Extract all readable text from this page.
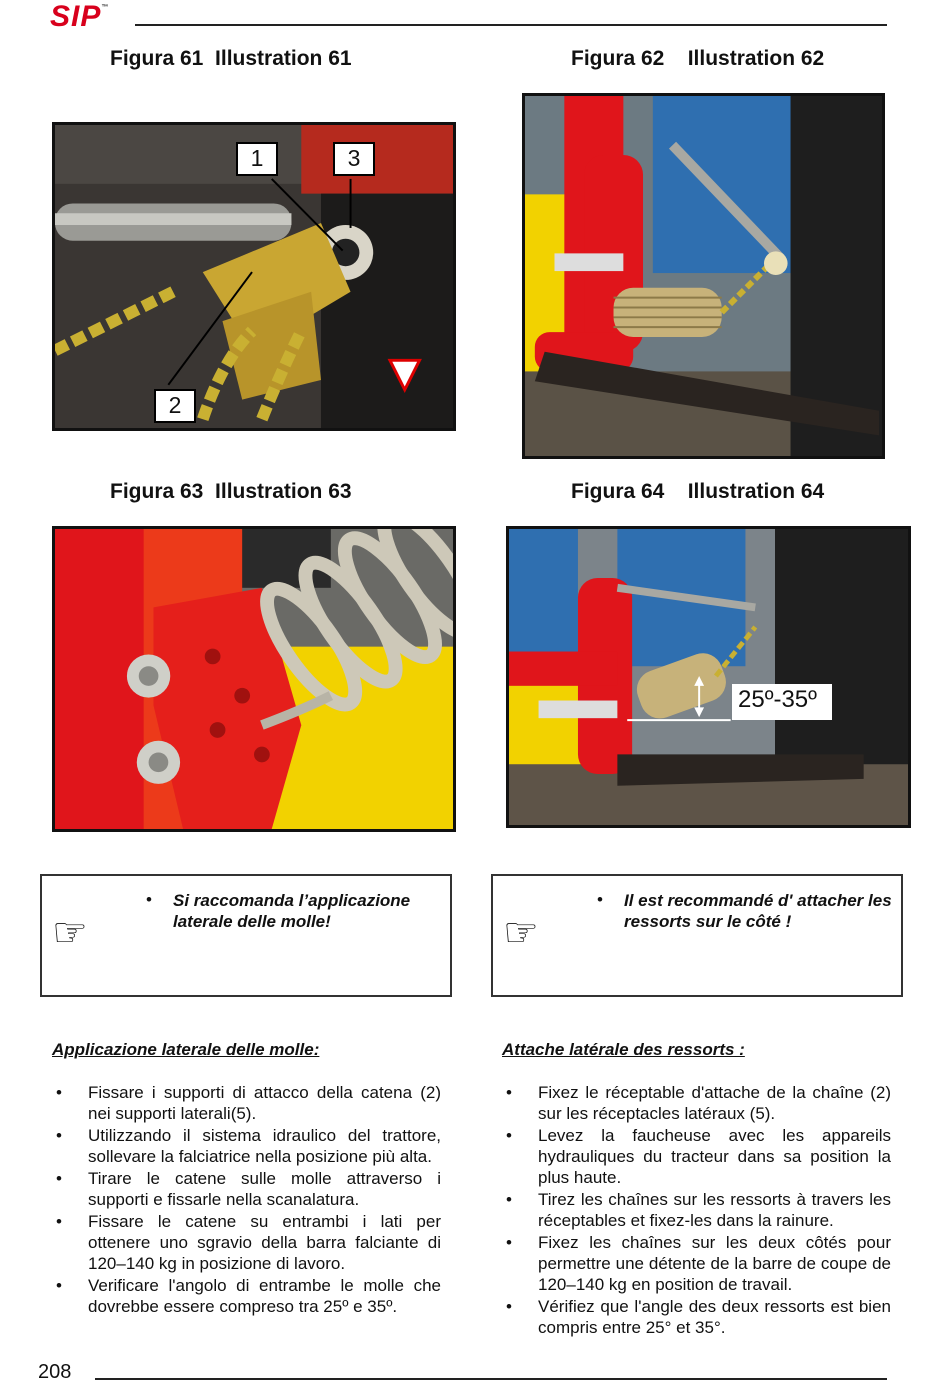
SIP™
Figura 61  Illustration 61	Figura 62    Illustration 62
Figura 63  Illustration 63	Figura 64    Illustration 64
1	3
2
25º-35º
☞
• Si raccomanda l’applicazione laterale delle molle!	☞
• Il est recommandé d' attacher les ressorts sur le côté !
Applicazione laterale delle molle:
• Fissare i supporti di attacco della catena (2) nei supporti laterali(5).
• Utilizzando il sistema idraulico del trattore, sollevare la falciatrice nella posizione più alta.
• Tirare le catene sulle molle attraverso i supporti e fissarle nella scanalatura.
• Fissare le catene su entrambi i lati per ottenere uno sgravio della barra falciante di 120–140 kg in posizione di lavoro.
• Verificare l'angolo di entrambe le molle che dovrebbe essere compreso tra 25º e 35º.
Attache latérale des ressorts :
• Fixez le réceptable d'attache de la chaîne (2) sur les réceptacles latéraux (5).
• Levez la faucheuse avec les appareils hydrauliques du tracteur dans sa position la plus haute.
• Tirez les chaînes sur les ressorts à travers les réceptables et fixez-les dans la rainure.
• Fixez les chaînes sur les deux côtés pour permettre une détente de la barre de coupe de 120–140 kg en position de travail.
• Vérifiez que l'angle des deux ressorts est bien compris entre 25° et 35°.
208
